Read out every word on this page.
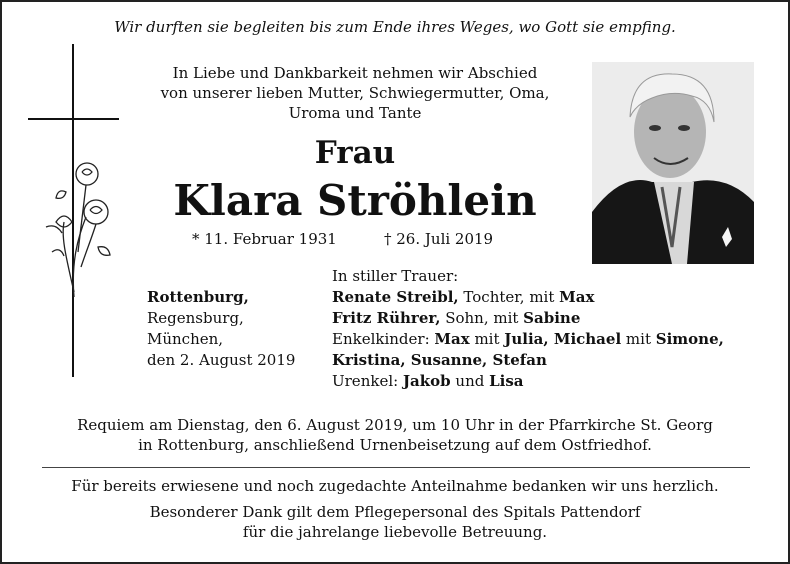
Wir durften sie begleiten bis zum Ende ihres Weges, wo Gott sie empfing.
In Liebe und Dankbarkeit nehmen wir Abschied
von unserer lieben Mutter, Schwiegermutter, Oma,
Uroma und Tante
Frau
Klara Ströhlein
* 11. Februar 1931	† 26. Juli 2019
Rottenburg,
Regensburg,
München,
den 2. August 2019
In stiller Trauer:
Renate Streibl, Tochter, mit Max
Fritz Rührer, Sohn, mit Sabine
Enkelkinder: Max mit Julia, Michael mit Simone,
Kristina, Susanne, Stefan
Urenkel: Jakob und Lisa
Requiem am Dienstag, den 6. August 2019, um 10 Uhr in der Pfarrkirche St. Georg
in Rottenburg, anschließend Urnenbeisetzung auf dem Ostfriedhof.
Für bereits erwiesene und noch zugedachte Anteilnahme bedanken wir uns herzlich.
Besonderer Dank gilt dem Pflegepersonal des Spitals Pattendorf
für die jahrelange liebevolle Betreuung.
